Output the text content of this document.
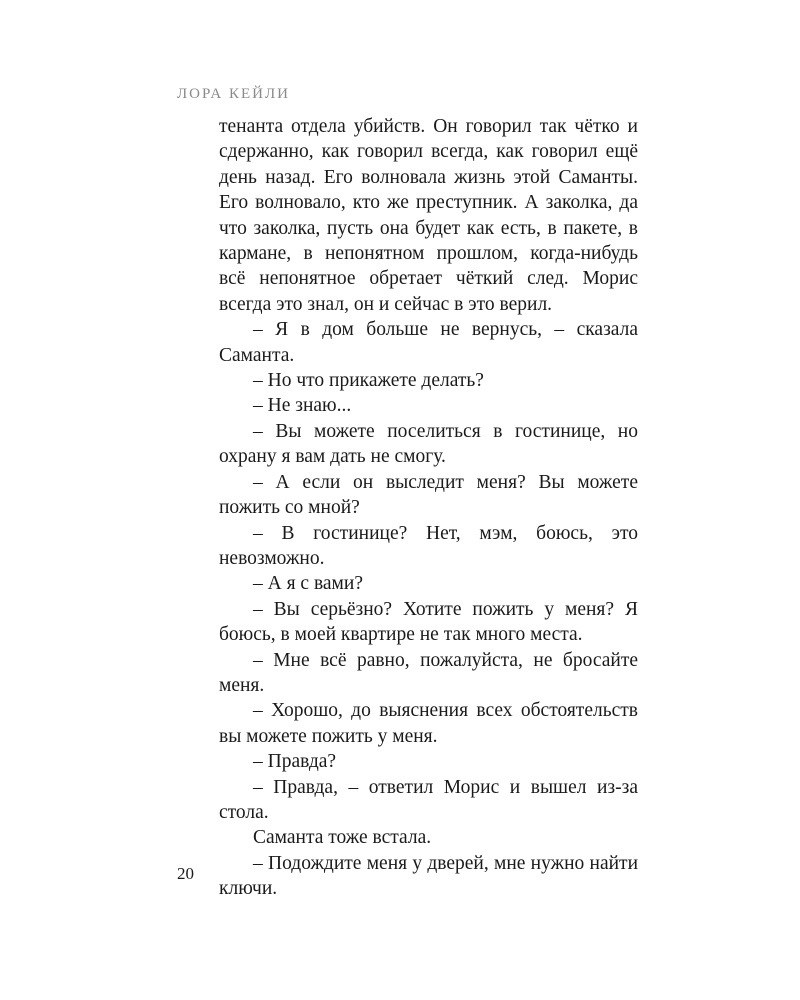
ЛОРА КЕЙЛИ

тенанта отдела убийств. Он говорил так чётко и сдержанно, как говорил всегда, как говорил ещё день назад. Его волновала жизнь этой Саманты. Его волновало, кто же преступник. А заколка, да что заколка, пусть она будет как есть, в пакете, в кармане, в непонятном прошлом, когда-нибудь всё непонятное обретает чёткий след. Морис всегда это знал, он и сейчас в это верил.

– Я в дом больше не вернусь, – сказала Саманта.

– Но что прикажете делать?

– Не знаю...

– Вы можете поселиться в гостинице, но охрану я вам дать не смогу.

– А если он выследит меня? Вы можете пожить со мной?

– В гостинице? Нет, мэм, боюсь, это невозможно.

– А я с вами?

– Вы серьёзно? Хотите пожить у меня? Я боюсь, в моей квартире не так много места.

– Мне всё равно, пожалуйста, не бросайте меня.

– Хорошо, до выяснения всех обстоятельств вы можете пожить у меня.

– Правда?

– Правда, – ответил Морис и вышел из-за стола.

Саманта тоже встала.

– Подождите меня у дверей, мне нужно найти ключи.

20
